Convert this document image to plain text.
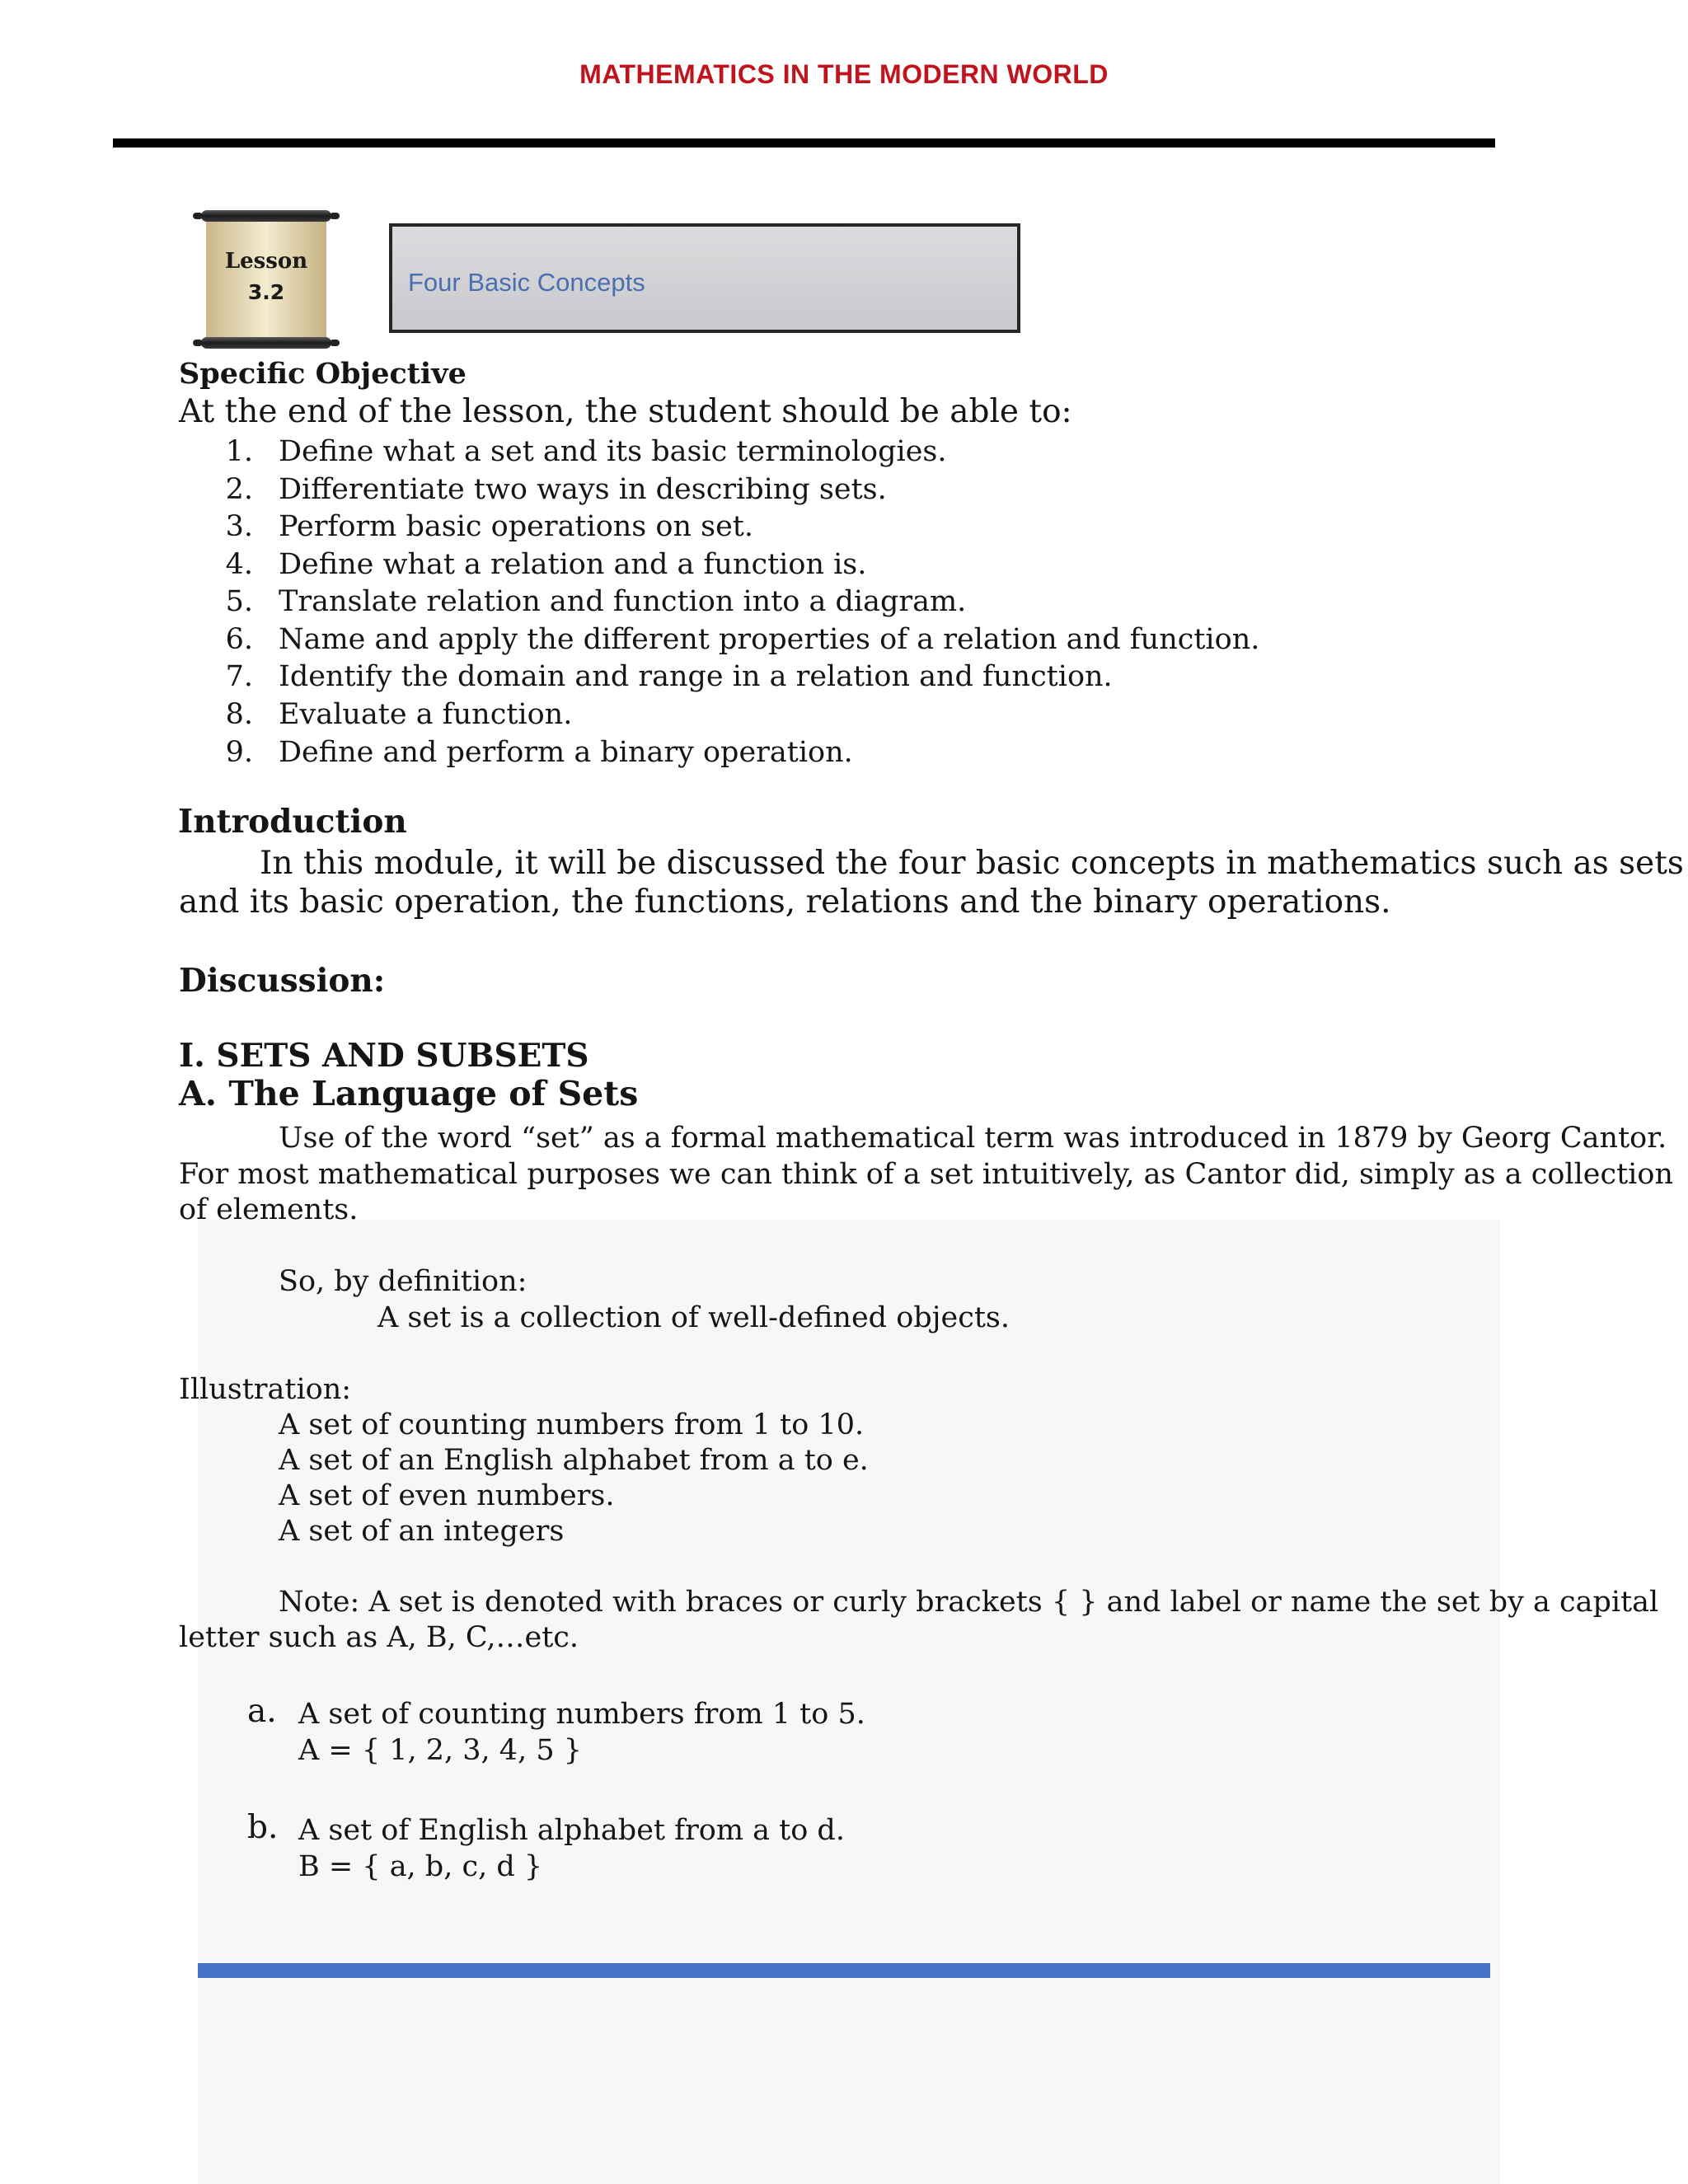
MATHEMATICS IN THE MODERN WORLD
Lesson
3.2	Four Basic Concepts
Specific Objective
At the end of the lesson, the student should be able to:
1. Define what a set and its basic terminologies.
2. Differentiate two ways in describing sets.
3. Perform basic operations on set.
4. Define what a relation and a function is.
5. Translate relation and function into a diagram.
6. Name and apply the different properties of a relation and function.
7. Identify the domain and range in a relation and function.
8. Evaluate a function.
9. Define and perform a binary operation.
Introduction
In this module, it will be discussed the four basic concepts in mathematics such as sets
and its basic operation, the functions, relations and the binary operations.
Discussion:
I. SETS AND SUBSETS
A. The Language of Sets
Use of the word “set” as a formal mathematical term was introduced in 1879 by Georg Cantor.
For most mathematical purposes we can think of a set intuitively, as Cantor did, simply as a collection
of elements.
So, by definition:
A set is a collection of well-defined objects.
Illustration:
A set of counting numbers from 1 to 10.
A set of an English alphabet from a to e.
A set of even numbers.
A set of an integers
Note: A set is denoted with braces or curly brackets { } and label or name the set by a capital
letter such as A, B, C,…etc.
a. A set of counting numbers from 1 to 5.
A = { 1, 2, 3, 4, 5 }
b. A set of English alphabet from a to d.
B = { a, b, c, d }
